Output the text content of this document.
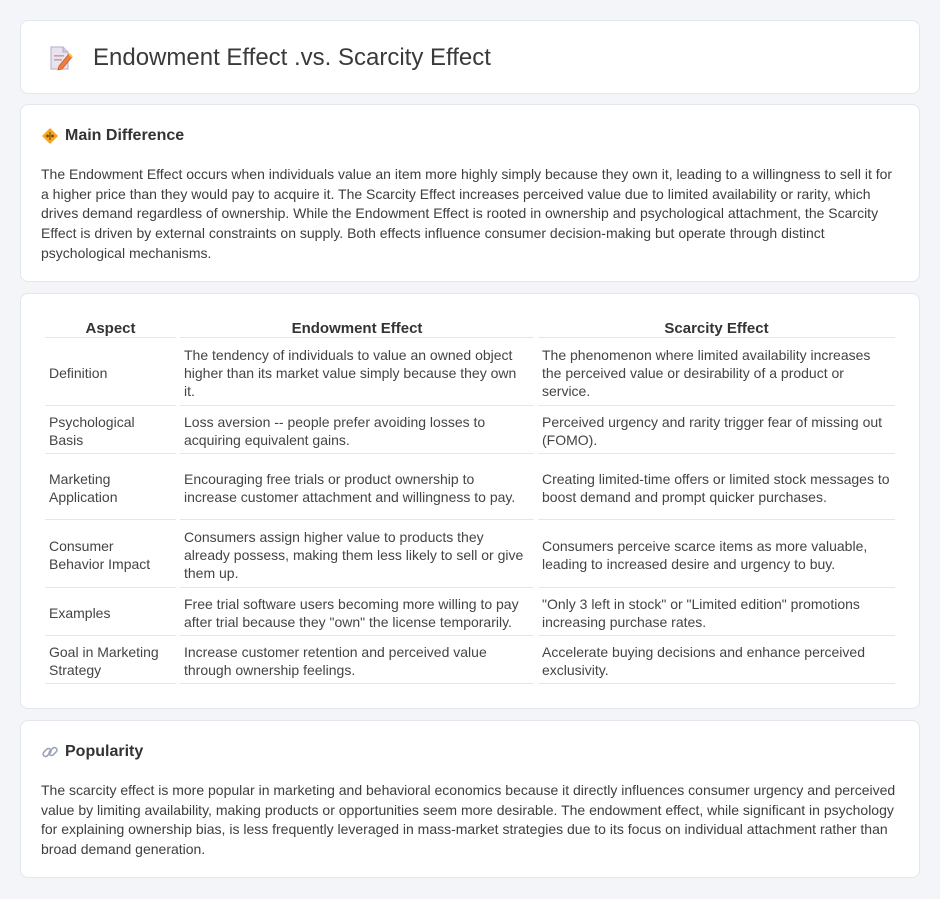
Endowment Effect .vs. Scarcity Effect
Main Difference

The Endowment Effect occurs when individuals value an item more highly simply because they own it, leading to a willingness to sell it for a higher price than they would pay to acquire it. The Scarcity Effect increases perceived value due to limited availability or rarity, which drives demand regardless of ownership. While the Endowment Effect is rooted in ownership and psychological attachment, the Scarcity Effect is driven by external constraints on supply. Both effects influence consumer decision-making but operate through distinct psychological mechanisms.

Aspect	Endowment Effect	Scarcity Effect
Definition	The tendency of individuals to value an owned object higher than its market value simply because they own it.	The phenomenon where limited availability increases the perceived value or desirability of a product or service.
Psychological Basis	Loss aversion -- people prefer avoiding losses to acquiring equivalent gains.	Perceived urgency and rarity trigger fear of missing out (FOMO).
Marketing Application	Encouraging free trials or product ownership to increase customer attachment and willingness to pay.	Creating limited-time offers or limited stock messages to boost demand and prompt quicker purchases.
Consumer Behavior Impact	Consumers assign higher value to products they already possess, making them less likely to sell or give them up.	Consumers perceive scarce items as more valuable, leading to increased desire and urgency to buy.
Examples	Free trial software users becoming more willing to pay after trial because they "own" the license temporarily.	"Only 3 left in stock" or "Limited edition" promotions increasing purchase rates.
Goal in Marketing Strategy	Increase customer retention and perceived value through ownership feelings.	Accelerate buying decisions and enhance perceived exclusivity.
Popularity

The scarcity effect is more popular in marketing and behavioral economics because it directly influences consumer urgency and perceived value by limiting availability, making products or opportunities seem more desirable. The endowment effect, while significant in psychology for explaining ownership bias, is less frequently leveraged in mass-market strategies due to its focus on individual attachment rather than broad demand generation.
